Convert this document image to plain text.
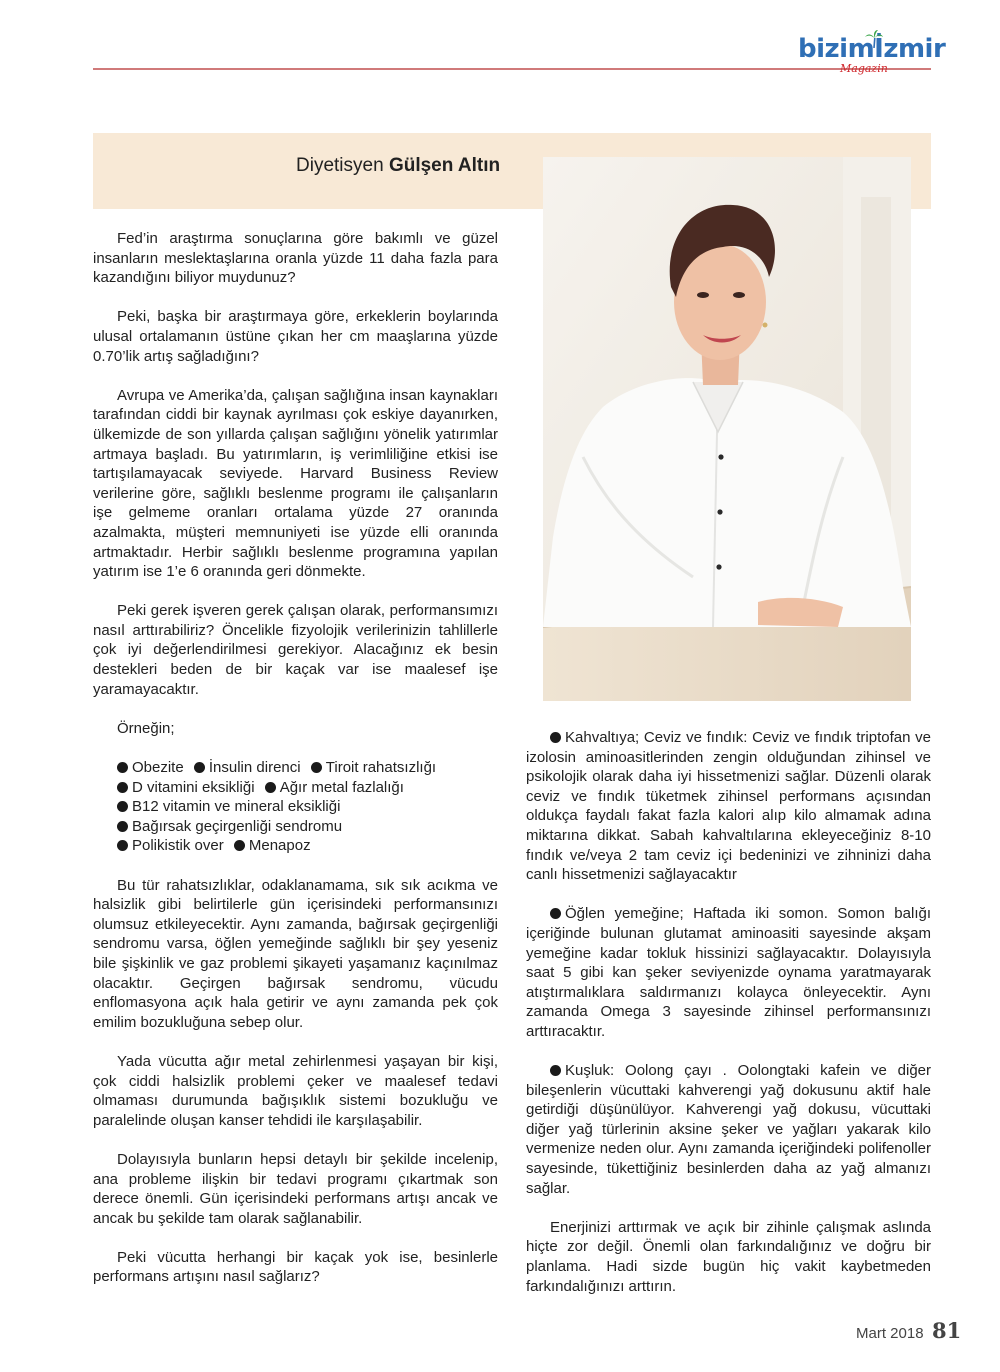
bizimİzmir
Magazin
Diyetisyen Gülşen Altın

Fed’in araştırma sonuçlarına göre bakımlı ve güzel insanların meslektaşlarına oranla yüzde 11 daha fazla para kazandığını biliyor muydunuz?

Peki, başka bir araştırmaya göre, erkeklerin boylarında ulusal ortalamanın üstüne çıkan her cm maaşlarına yüzde 0.70’lik artış sağladığını?

Avrupa ve Amerika’da, çalışan sağlığına insan kaynakları tarafından ciddi bir kaynak ayrılması çok eskiye dayanırken, ülkemizde de son yıllarda çalışan sağlığını yönelik yatırımlar artmaya başladı. Bu yatırımların, iş verimliliğine etkisi ise tartışılamayacak seviyede. Harvard Business Review verilerine göre, sağlıklı beslenme programı ile çalışanların işe gelmeme oranları ortalama yüzde 27 oranında azalmakta, müşteri memnuniyeti ise yüzde elli oranında artmaktadır. Herbir sağlıklı beslenme programına yapılan yatırım ise 1’e 6 oranında geri dönmekte.

Peki gerek işveren gerek çalışan olarak, performansımızı nasıl arttırabiliriz? Öncelikle fizyolojik verilerinizin tahlillerle çok iyi değerlendirilmesi gerekiyor. Alacağınız ek besin destekleri beden de bir kaçak var ise maalesef işe yaramayacaktır.

Örneğin;

Obezite İnsulin direnci Tiroit rahatsızlığı
D vitamini eksikliği Ağır metal fazlalığı
B12 vitamin ve mineral eksikliği
Bağırsak geçirgenliği sendromu
Polikistik over Menapoz

Bu tür rahatsızlıklar, odaklanamama, sık sık acıkma ve halsizlik gibi belirtilerle gün içerisindeki performansınızı olumsuz etkileyecektir. Aynı zamanda, bağırsak geçirgenliği sendromu varsa, öğlen yemeğinde sağlıklı bir şey yeseniz bile şişkinlik ve gaz problemi şikayeti yaşamanız kaçınılmaz olacaktır. Geçirgen bağırsak sendromu, vücudu enflomasyona açık hala getirir ve aynı zamanda pek çok emilim bozukluğuna sebep olur.

Yada vücutta ağır metal zehirlenmesi yaşayan bir kişi, çok ciddi halsizlik problemi çeker ve maalesef tedavi olmaması durumunda bağışıklık sistemi bozukluğu ve paralelinde oluşan kanser tehdidi ile karşılaşabilir.

Dolayısıyla bunların hepsi detaylı bir şekilde incelenip, ana probleme ilişkin bir tedavi programı çıkartmak son derece önemli. Gün içerisindeki performans artışı ancak ve ancak bu şekilde tam olarak sağlanabilir.

Peki vücutta herhangi bir kaçak yok ise, besinlerle performans artışını nasıl sağlarız?

Kahvaltıya; Ceviz ve fındık: Ceviz ve fındık triptofan ve izolosin aminoasitlerinden zengin olduğundan zihinsel ve psikolojik olarak daha iyi hissetmenizi sağlar. Düzenli olarak ceviz ve fındık tüketmek zihinsel performans açısından oldukça faydalı fakat fazla kalori alıp kilo almamak adına miktarına dikkat. Sabah kahvaltılarına ekleyeceğiniz 8-10 fındık ve/veya 2 tam ceviz içi bedeninizi ve zihninizi daha canlı hissetmenizi sağlayacaktır

Öğlen yemeğine; Haftada iki somon. Somon balığı içeriğinde bulunan glutamat aminoasiti sayesinde akşam yemeğine kadar tokluk hissinizi sağlayacaktır. Dolayısıyla saat 5 gibi kan şeker seviyenizde oynama yaratmayarak atıştırmalıklara saldırmanızı kolayca önleyecektir. Aynı zamanda Omega 3 sayesinde zihinsel performansınızı arttıracaktır.

Kuşluk: Oolong çayı . Oolongtaki kafein ve diğer bileşenlerin vücuttaki kahverengi yağ dokusunu aktif hale getirdiği düşünülüyor. Kahverengi yağ dokusu, vücuttaki diğer yağ türlerinin aksine şeker ve yağları yakarak kilo vermenize neden olur. Aynı zamanda içeriğindeki polifenoller sayesinde, tükettiğiniz besinlerden daha az yağ almanızı sağlar.

Enerjinizi arttırmak ve açık bir zihinle çalışmak aslında hiçte zor değil. Önemli olan farkındalığınız ve doğru bir planlama. Hadi sizde bugün hiç vakit kaybetmeden farkındalığınızı arttırın.

Mart 2018 81
